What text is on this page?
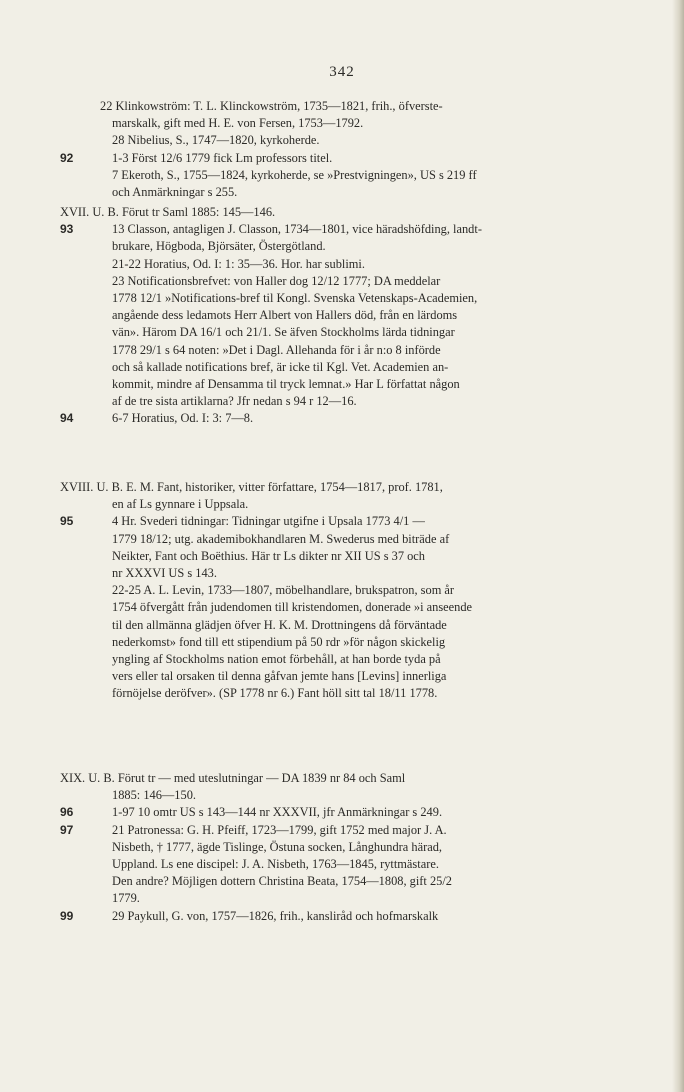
342
22 Klinkowström: T. L. Klinckowström, 1735—1821, frih., öfverste-
marskalk, gift med H. E. von Fersen, 1753—1792.
28 Nibelius, S., 1747—1820, kyrkoherde.
92	1-3 Först 12/6 1779 fick Lm professors titel.
7 Ekeroth, S., 1755—1824, kyrkoherde, se »Prestvigningen», US s 219 ff
och Anmärkningar s 255.
XVII. U. B. Förut tr Saml 1885: 145—146.
93	13 Classon, antagligen J. Classon, 1734—1801, vice häradshöfding, landt-
brukare, Högboda, Björsäter, Östergötland.
21-22 Horatius, Od. I: 1: 35—36. Hor. har sublimi.
23 Notificationsbrefvet: von Haller dog 12/12 1777; DA meddelar
1778 12/1 »Notifications-bref til Kongl. Svenska Vetenskaps-Academien,
angående dess ledamots Herr Albert von Hallers död, från en lärdoms
vän». Härom DA 16/1 och 21/1. Se äfven Stockholms lärda tidningar
1778 29/1 s 64 noten: »Det i Dagl. Allehanda för i år n:o 8 införde
och så kallade notifications bref, är icke til Kgl. Vet. Academien an-
kommit, mindre af Densamma til tryck lemnat.» Har L författat någon
af de tre sista artiklarna? Jfr nedan s 94 r 12—16.
94	6-7 Horatius, Od. I: 3: 7—8.
XVIII. U. B. E. M. Fant, historiker, vitter författare, 1754—1817, prof. 1781,
en af Ls gynnare i Uppsala.
95	4 Hr. Svederi tidningar: Tidningar utgifne i Upsala 1773 4/1 —
1779 18/12; utg. akademibokhandlaren M. Swederus med biträde af
Neikter, Fant och Boëthius. Här tr Ls dikter nr XII US s 37 och
nr XXXVI US s 143.
22-25 A. L. Levin, 1733—1807, möbelhandlare, brukspatron, som år
1754 öfvergått från judendomen till kristendomen, donerade »i anseende
til den allmänna glädjen öfver H. K. M. Drottningens då förväntade
nederkomst» fond till ett stipendium på 50 rdr »för någon skickelig
yngling af Stockholms nation emot förbehåll, at han borde tyda på
vers eller tal orsaken til denna gåfvan jemte hans [Levins] innerliga
förnöjelse deröfver». (SP 1778 nr 6.) Fant höll sitt tal 18/11 1778.
XIX. U. B. Förut tr — med uteslutningar — DA 1839 nr 84 och Saml
1885: 146—150.
96	1-97 10 omtr US s 143—144 nr XXXVII, jfr Anmärkningar s 249.
97	21 Patronessa: G. H. Pfeiff, 1723—1799, gift 1752 med major J. A.
Nisbeth, † 1777, ägde Tislinge, Östuna socken, Långhundra härad,
Uppland. Ls ene discipel: J. A. Nisbeth, 1763—1845, ryttmästare.
Den andre? Möjligen dottern Christina Beata, 1754—1808, gift 25/2
1779.
99	29 Paykull, G. von, 1757—1826, frih., kansliråd och hofmarskalk
